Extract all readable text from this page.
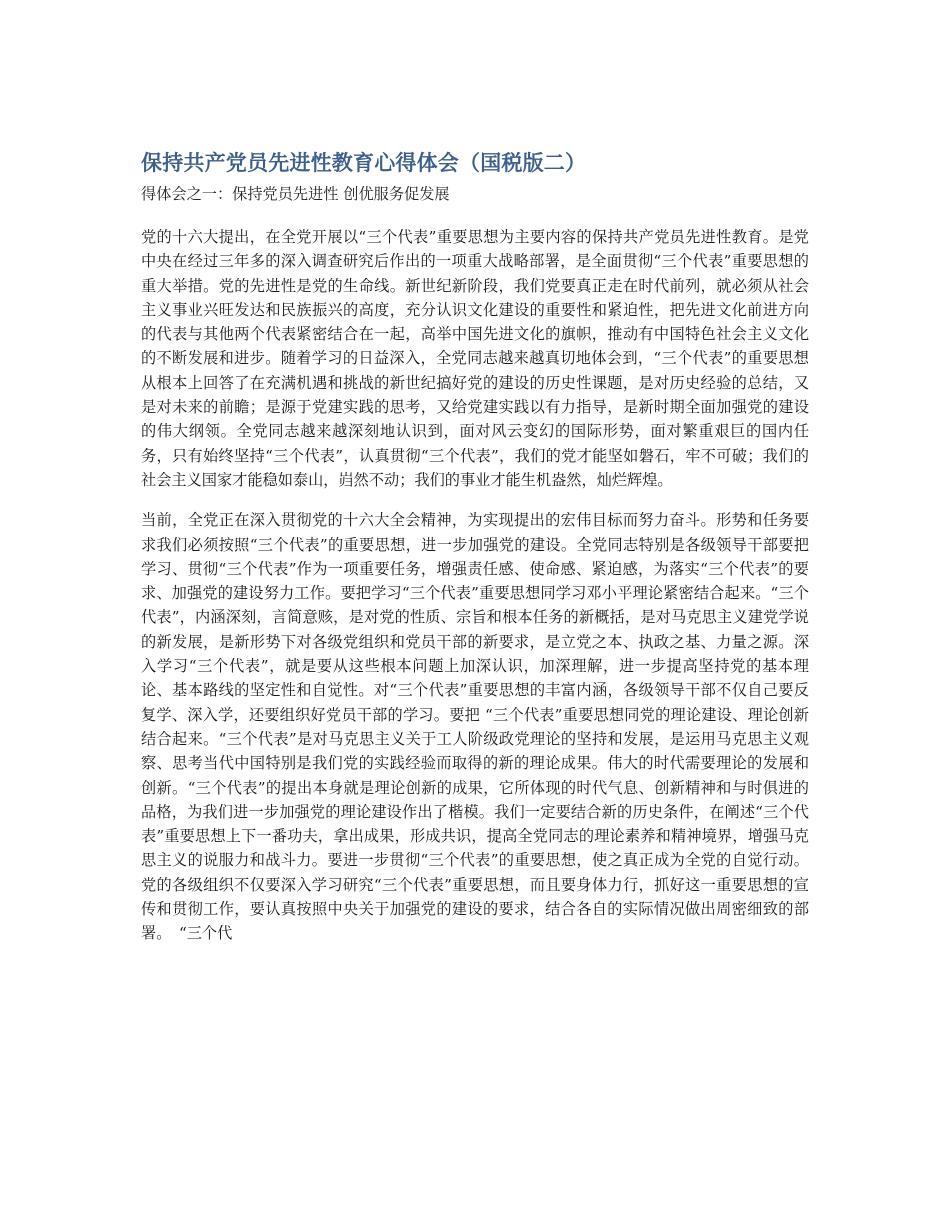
保持共产党员先进性教育心得体会（国税版二）

得体会之一：保持党员先进性 创优服务促发展

党的十六大提出，在全党开展以“三个代表”重要思想为主要内容的保持共产党员先进性教育。是党中央在经过三年多的深入调查研究后作出的一项重大战略部署，是全面贯彻“三个代表”重要思想的重大举措。党的先进性是党的生命线。新世纪新阶段，我们党要真正走在时代前列，就必须从社会主义事业兴旺发达和民族振兴的高度，充分认识文化建设的重要性和紧迫性，把先进文化前进方向的代表与其他两个代表紧密结合在一起，高举中国先进文化的旗帜，推动有中国特色社会主义文化的不断发展和进步。随着学习的日益深入，全党同志越来越真切地体会到，“三个代表”的重要思想从根本上回答了在充满机遇和挑战的新世纪搞好党的建设的历史性课题，是对历史经验的总结，又是对未来的前瞻；是源于党建实践的思考，又给党建实践以有力指导，是新时期全面加强党的建设的伟大纲领。全党同志越来越深刻地认识到，面对风云变幻的国际形势，面对繁重艰巨的国内任务，只有始终坚持“三个代表”，认真贯彻“三个代表”，我们的党才能坚如磐石，牢不可破；我们的社会主义国家才能稳如泰山，岿然不动；我们的事业才能生机盎然，灿烂辉煌。

当前，全党正在深入贯彻党的十六大全会精神，为实现提出的宏伟目标而努力奋斗。形势和任务要求我们必须按照“三个代表”的重要思想，进一步加强党的建设。全党同志特别是各级领导干部要把学习、贯彻“三个代表”作为一项重要任务，增强责任感、使命感、紧迫感，为落实“三个代表”的要求、加强党的建设努力工作。要把学习“三个代表”重要思想同学习邓小平理论紧密结合起来。“三个代表”，内涵深刻，言简意赅，是对党的性质、宗旨和根本任务的新概括，是对马克思主义建党学说的新发展，是新形势下对各级党组织和党员干部的新要求，是立党之本、执政之基、力量之源。深入学习“三个代表”，就是要从这些根本问题上加深认识，加深理解，进一步提高坚持党的基本理论、基本路线的坚定性和自觉性。对“三个代表”重要思想的丰富内涵，各级领导干部不仅自己要反复学、深入学，还要组织好党员干部的学习。要把 “三个代表”重要思想同党的理论建设、理论创新结合起来。“三个代表”是对马克思主义关于工人阶级政党理论的坚持和发展，是运用马克思主义观察、思考当代中国特别是我们党的实践经验而取得的新的理论成果。伟大的时代需要理论的发展和创新。“三个代表”的提出本身就是理论创新的成果，它所体现的时代气息、创新精神和与时俱进的品格，为我们进一步加强党的理论建设作出了楷模。我们一定要结合新的历史条件，在阐述“三个代表”重要思想上下一番功夫，拿出成果，形成共识，提高全党同志的理论素养和精神境界，增强马克思主义的说服力和战斗力。要进一步贯彻“三个代表”的重要思想，使之真正成为全党的自觉行动。党的各级组织不仅要深入学习研究“三个代表”重要思想，而且要身体力行，抓好这一重要思想的宣传和贯彻工作，要认真按照中央关于加强党的建设的要求，结合各自的实际情况做出周密细致的部署。　“三个代
